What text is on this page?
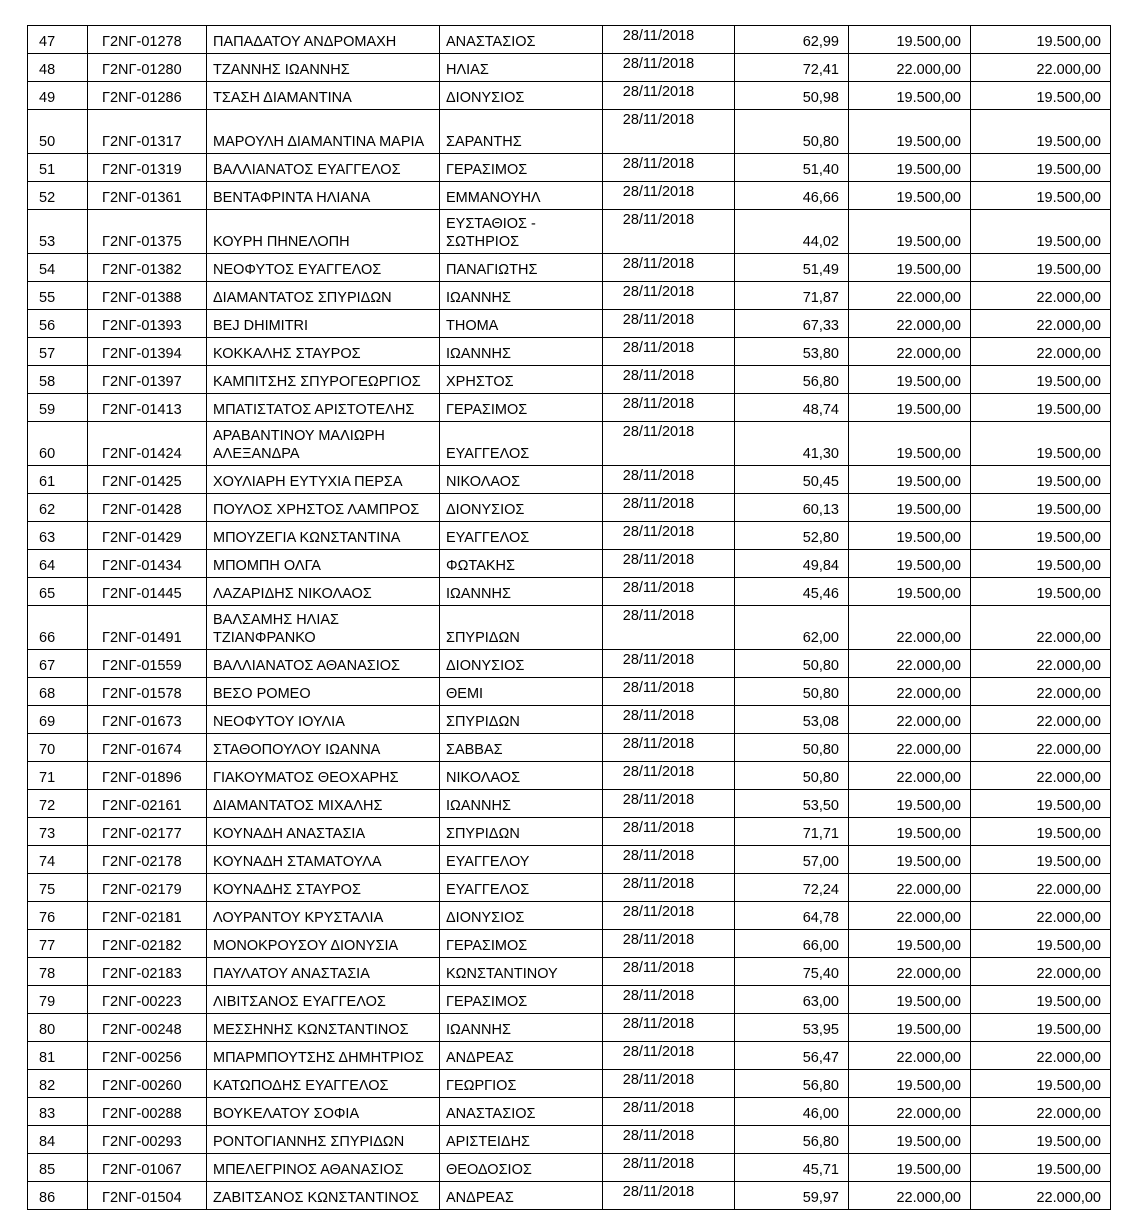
47	Γ2ΝΓ-01278	ΠΑΠΑΔΑΤΟΥ ΑΝΔΡΟΜΑΧΗ	ΑΝΑΣΤΑΣΙΟΣ	28/11/2018	62,99	19.500,00	19.500,00
48	Γ2ΝΓ-01280	ΤΖΑΝΝΗΣ ΙΩΑΝΝΗΣ	ΗΛΙΑΣ	28/11/2018	72,41	22.000,00	22.000,00
49	Γ2ΝΓ-01286	ΤΣΑΣΗ ΔΙΑΜΑΝΤΙΝΑ	ΔΙΟΝΥΣΙΟΣ	28/11/2018	50,98	19.500,00	19.500,00
50	Γ2ΝΓ-01317	ΜΑΡΟΥΛΗ ΔΙΑΜΑΝΤΙΝΑ ΜΑΡΙΑ	ΣΑΡΑΝΤΗΣ	28/11/2018	50,80	19.500,00	19.500,00
51	Γ2ΝΓ-01319	ΒΑΛΛΙΑΝΑΤΟΣ ΕΥΑΓΓΕΛΟΣ	ΓΕΡΑΣΙΜΟΣ	28/11/2018	51,40	19.500,00	19.500,00
52	Γ2ΝΓ-01361	ΒΕΝΤΑΦΡΙΝΤΑ ΗΛΙΑΝΑ	ΕΜΜΑΝΟΥΗΛ	28/11/2018	46,66	19.500,00	19.500,00
53	Γ2ΝΓ-01375	ΚΟΥΡΗ ΠΗΝΕΛΟΠΗ	ΕΥΣΤΑΘΙΟΣ - ΣΩΤΗΡΙΟΣ	28/11/2018	44,02	19.500,00	19.500,00
54	Γ2ΝΓ-01382	ΝΕΟΦΥΤΟΣ ΕΥΑΓΓΕΛΟΣ	ΠΑΝΑΓΙΩΤΗΣ	28/11/2018	51,49	19.500,00	19.500,00
55	Γ2ΝΓ-01388	ΔΙΑΜΑΝΤΑΤΟΣ ΣΠΥΡΙΔΩΝ	ΙΩΑΝΝΗΣ	28/11/2018	71,87	22.000,00	22.000,00
56	Γ2ΝΓ-01393	BEJ DHIMITRI	THOMA	28/11/2018	67,33	22.000,00	22.000,00
57	Γ2ΝΓ-01394	ΚΟΚΚΑΛΗΣ ΣΤΑΥΡΟΣ	ΙΩΑΝΝΗΣ	28/11/2018	53,80	22.000,00	22.000,00
58	Γ2ΝΓ-01397	ΚΑΜΠΙΤΣΗΣ ΣΠΥΡΟΓΕΩΡΓΙΟΣ	ΧΡΗΣΤΟΣ	28/11/2018	56,80	19.500,00	19.500,00
59	Γ2ΝΓ-01413	ΜΠΑΤΙΣΤΑΤΟΣ ΑΡΙΣΤΟΤΕΛΗΣ	ΓΕΡΑΣΙΜΟΣ	28/11/2018	48,74	19.500,00	19.500,00
60	Γ2ΝΓ-01424	ΑΡΑΒΑΝΤΙΝΟΥ ΜΑΛΙΩΡΗ ΑΛΕΞΑΝΔΡΑ	ΕΥΑΓΓΕΛΟΣ	28/11/2018	41,30	19.500,00	19.500,00
61	Γ2ΝΓ-01425	ΧΟΥΛΙΑΡΗ ΕΥΤΥΧΙΑ ΠΕΡΣΑ	ΝΙΚΟΛΑΟΣ	28/11/2018	50,45	19.500,00	19.500,00
62	Γ2ΝΓ-01428	ΠΟΥΛΟΣ ΧΡΗΣΤΟΣ ΛΑΜΠΡΟΣ	ΔΙΟΝΥΣΙΟΣ	28/11/2018	60,13	19.500,00	19.500,00
63	Γ2ΝΓ-01429	ΜΠΟΥΖΕΓΙΑ ΚΩΝΣΤΑΝΤΙΝΑ	ΕΥΑΓΓΕΛΟΣ	28/11/2018	52,80	19.500,00	19.500,00
64	Γ2ΝΓ-01434	ΜΠΟΜΠΗ ΟΛΓΑ	ΦΩΤΑΚΗΣ	28/11/2018	49,84	19.500,00	19.500,00
65	Γ2ΝΓ-01445	ΛΑΖΑΡΙΔΗΣ ΝΙΚΟΛΑΟΣ	ΙΩΑΝΝΗΣ	28/11/2018	45,46	19.500,00	19.500,00
66	Γ2ΝΓ-01491	ΒΑΛΣΑΜΗΣ ΗΛΙΑΣ ΤΖΙΑΝΦΡΑΝΚΟ	ΣΠΥΡΙΔΩΝ	28/11/2018	62,00	22.000,00	22.000,00
67	Γ2ΝΓ-01559	ΒΑΛΛΙΑΝΑΤΟΣ ΑΘΑΝΑΣΙΟΣ	ΔΙΟΝΥΣΙΟΣ	28/11/2018	50,80	22.000,00	22.000,00
68	Γ2ΝΓ-01578	ΒΕΣΟ ΡΟΜΕΟ	ΘΕΜΙ	28/11/2018	50,80	22.000,00	22.000,00
69	Γ2ΝΓ-01673	ΝΕΟΦΥΤΟΥ ΙΟΥΛΙΑ	ΣΠΥΡΙΔΩΝ	28/11/2018	53,08	22.000,00	22.000,00
70	Γ2ΝΓ-01674	ΣΤΑΘΟΠΟΥΛΟΥ ΙΩΑΝΝΑ	ΣΑΒΒΑΣ	28/11/2018	50,80	22.000,00	22.000,00
71	Γ2ΝΓ-01896	ΓΙΑΚΟΥΜΑΤΟΣ ΘΕΟΧΑΡΗΣ	ΝΙΚΟΛΑΟΣ	28/11/2018	50,80	22.000,00	22.000,00
72	Γ2ΝΓ-02161	ΔΙΑΜΑΝΤΑΤΟΣ ΜΙΧΑΛΗΣ	ΙΩΑΝΝΗΣ	28/11/2018	53,50	19.500,00	19.500,00
73	Γ2ΝΓ-02177	ΚΟΥΝΑΔΗ ΑΝΑΣΤΑΣΙΑ	ΣΠΥΡΙΔΩΝ	28/11/2018	71,71	19.500,00	19.500,00
74	Γ2ΝΓ-02178	ΚΟΥΝΑΔΗ ΣΤΑΜΑΤΟΥΛΑ	ΕΥΑΓΓΕΛΟΥ	28/11/2018	57,00	19.500,00	19.500,00
75	Γ2ΝΓ-02179	ΚΟΥΝΑΔΗΣ ΣΤΑΥΡΟΣ	ΕΥΑΓΓΕΛΟΣ	28/11/2018	72,24	22.000,00	22.000,00
76	Γ2ΝΓ-02181	ΛΟΥΡΑΝΤΟΥ ΚΡΥΣΤΑΛΙΑ	ΔΙΟΝΥΣΙΟΣ	28/11/2018	64,78	22.000,00	22.000,00
77	Γ2ΝΓ-02182	ΜΟΝΟΚΡΟΥΣΟΥ ΔΙΟΝΥΣΙΑ	ΓΕΡΑΣΙΜΟΣ	28/11/2018	66,00	19.500,00	19.500,00
78	Γ2ΝΓ-02183	ΠΑΥΛΑΤΟΥ ΑΝΑΣΤΑΣΙΑ	ΚΩΝΣΤΑΝΤΙΝΟΥ	28/11/2018	75,40	22.000,00	22.000,00
79	Γ2ΝΓ-00223	ΛΙΒΙΤΣΑΝΟΣ ΕΥΑΓΓΕΛΟΣ	ΓΕΡΑΣΙΜΟΣ	28/11/2018	63,00	19.500,00	19.500,00
80	Γ2ΝΓ-00248	ΜΕΣΣΗΝΗΣ ΚΩΝΣΤΑΝΤΙΝΟΣ	ΙΩΑΝΝΗΣ	28/11/2018	53,95	19.500,00	19.500,00
81	Γ2ΝΓ-00256	ΜΠΑΡΜΠΟΥΤΣΗΣ ΔΗΜΗΤΡΙΟΣ	ΑΝΔΡΕΑΣ	28/11/2018	56,47	22.000,00	22.000,00
82	Γ2ΝΓ-00260	ΚΑΤΩΠΟΔΗΣ ΕΥΑΓΓΕΛΟΣ	ΓΕΩΡΓΙΟΣ	28/11/2018	56,80	19.500,00	19.500,00
83	Γ2ΝΓ-00288	ΒΟΥΚΕΛΑΤΟΥ ΣΟΦΙΑ	ΑΝΑΣΤΑΣΙΟΣ	28/11/2018	46,00	22.000,00	22.000,00
84	Γ2ΝΓ-00293	ΡΟΝΤΟΓΙΑΝΝΗΣ ΣΠΥΡΙΔΩΝ	ΑΡΙΣΤΕΙΔΗΣ	28/11/2018	56,80	19.500,00	19.500,00
85	Γ2ΝΓ-01067	ΜΠΕΛΕΓΡΙΝΟΣ ΑΘΑΝΑΣΙΟΣ	ΘΕΟΔΟΣΙΟΣ	28/11/2018	45,71	19.500,00	19.500,00
86	Γ2ΝΓ-01504	ΖΑΒΙΤΣΑΝΟΣ ΚΩΝΣΤΑΝΤΙΝΟΣ	ΑΝΔΡΕΑΣ	28/11/2018	59,97	22.000,00	22.000,00
